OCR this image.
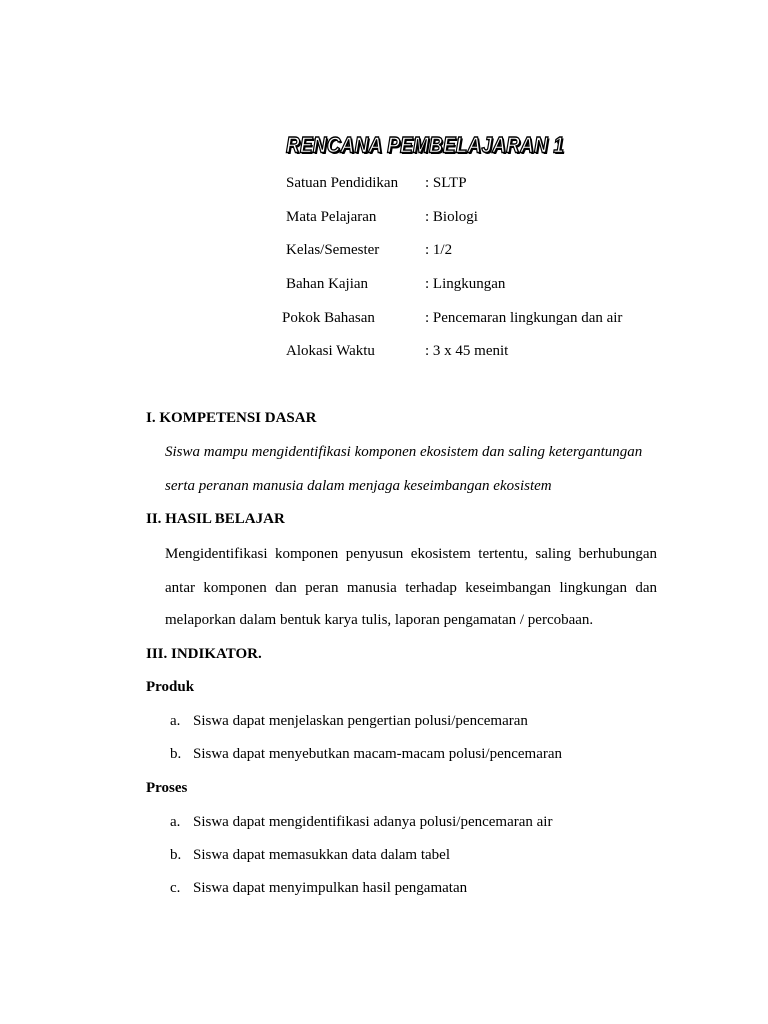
RENCANA PEMBELAJARAN 1
Satuan Pendidikan : SLTP
Mata Pelajaran	: Biologi
Kelas/Semester	: 1/2
Bahan Kajian	: Lingkungan
Pokok Bahasan	: Pencemaran lingkungan dan air
Alokasi Waktu	: 3 x 45 menit
I. KOMPETENSI DASAR
Siswa mampu mengidentifikasi komponen ekosistem dan saling ketergantungan
serta peranan manusia dalam menjaga keseimbangan ekosistem
II. HASIL BELAJAR
Mengidentifikasi komponen penyusun ekosistem tertentu, saling berhubungan
antar komponen dan peran manusia terhadap keseimbangan lingkungan dan
melaporkan dalam bentuk karya tulis, laporan pengamatan / percobaan.
III. INDIKATOR.
Produk
a. Siswa dapat menjelaskan pengertian polusi/pencemaran
b. Siswa dapat menyebutkan macam-macam polusi/pencemaran
Proses
a. Siswa dapat mengidentifikasi adanya polusi/pencemaran air
b. Siswa dapat memasukkan data dalam tabel
c. Siswa dapat menyimpulkan hasil pengamatan
